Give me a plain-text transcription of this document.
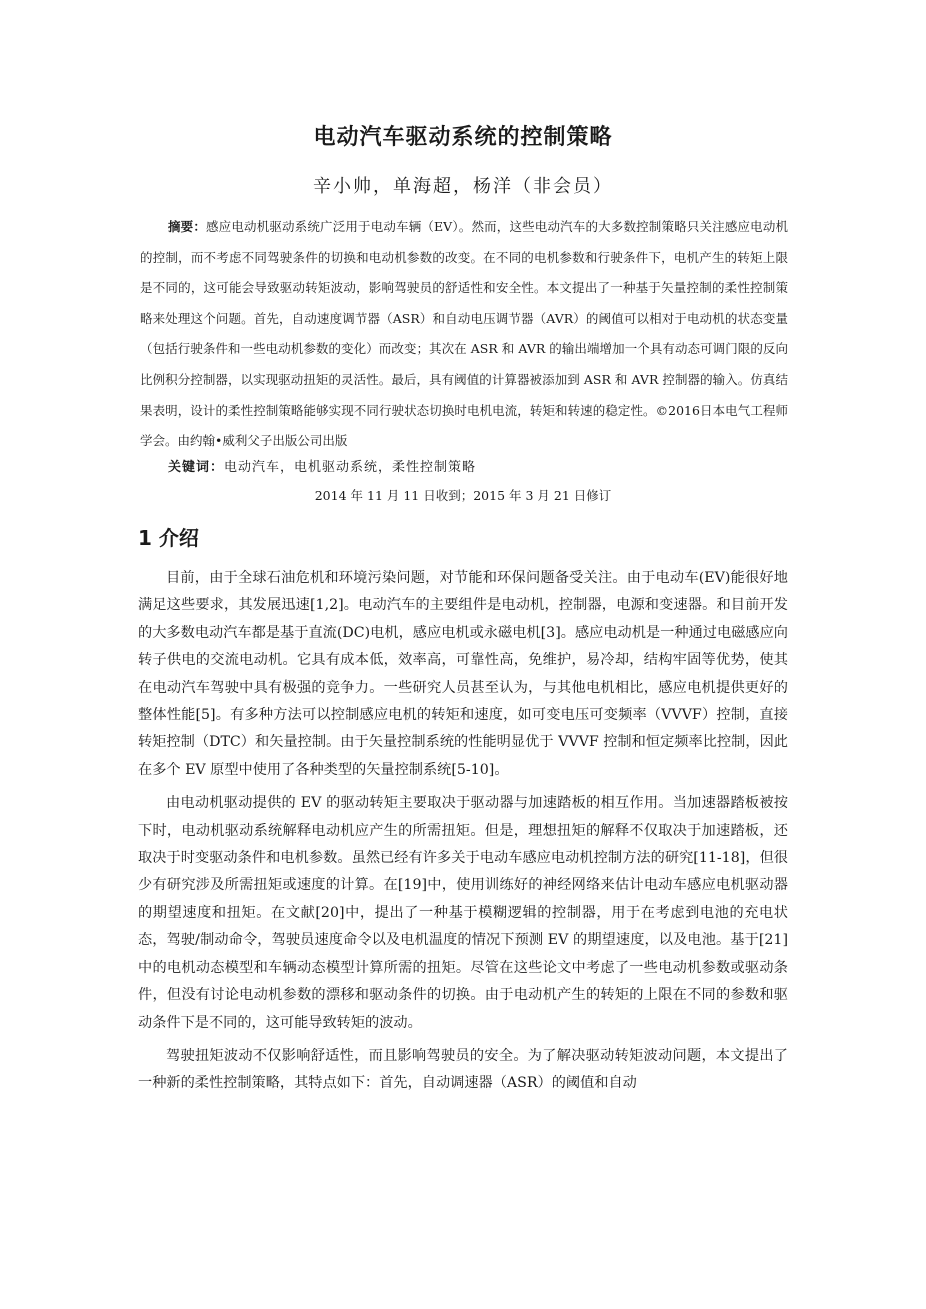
电动汽车驱动系统的控制策略
辛小帅，单海超，杨洋（非会员）
摘要：感应电动机驱动系统广泛用于电动车辆（EV）。然而，这些电动汽车的大多数控制策略只关注感应电动机的控制，而不考虑不同驾驶条件的切换和电动机参数的改变。在不同的电机参数和行驶条件下，电机产生的转矩上限是不同的，这可能会导致驱动转矩波动，影响驾驶员的舒适性和安全性。本文提出了一种基于矢量控制的柔性控制策略来处理这个问题。首先，自动速度调节器（ASR）和自动电压调节器（AVR）的阈值可以相对于电动机的状态变量（包括行驶条件和一些电动机参数的变化）而改变；其次在 ASR 和 AVR 的输出端增加一个具有动态可调门限的反向比例积分控制器，以实现驱动扭矩的灵活性。最后，具有阈值的计算器被添加到 ASR 和 AVR 控制器的输入。仿真结果表明，设计的柔性控制策略能够实现不同行驶状态切换时电机电流，转矩和转速的稳定性。©2016日本电气工程师学会。由约翰•威利父子出版公司出版
关键词：电动汽车，电机驱动系统，柔性控制策略
2014 年 11 月 11 日收到；2015 年 3 月 21 日修订
1 介绍

目前，由于全球石油危机和环境污染问题，对节能和环保问题备受关注。由于电动车(EV)能很好地满足这些要求，其发展迅速[1,2]。电动汽车的主要组件是电动机，控制器，电源和变速器。和目前开发的大多数电动汽车都是基于直流(DC)电机，感应电机或永磁电机[3]。感应电动机是一种通过电磁感应向转子供电的交流电动机。它具有成本低，效率高，可靠性高，免维护，易冷却，结构牢固等优势，使其在电动汽车驾驶中具有极强的竞争力。一些研究人员甚至认为，与其他电机相比，感应电机提供更好的整体性能[5]。有多种方法可以控制感应电机的转矩和速度，如可变电压可变频率（VVVF）控制，直接转矩控制（DTC）和矢量控制。由于矢量控制系统的性能明显优于 VVVF 控制和恒定频率比控制，因此在多个 EV 原型中使用了各种类型的矢量控制系统[5-10]。

由电动机驱动提供的 EV 的驱动转矩主要取决于驱动器与加速踏板的相互作用。当加速器踏板被按下时，电动机驱动系统解释电动机应产生的所需扭矩。但是，理想扭矩的解释不仅取决于加速踏板，还取决于时变驱动条件和电机参数。虽然已经有许多关于电动车感应电动机控制方法的研究[11-18]，但很少有研究涉及所需扭矩或速度的计算。在[19]中，使用训练好的神经网络来估计电动车感应电机驱动器的期望速度和扭矩。在文献[20]中，提出了一种基于模糊逻辑的控制器，用于在考虑到电池的充电状态，驾驶/制动命令，驾驶员速度命令以及电机温度的情况下预测 EV 的期望速度，以及电池。基于[21]中的电机动态模型和车辆动态模型计算所需的扭矩。尽管在这些论文中考虑了一些电动机参数或驱动条件，但没有讨论电动机参数的漂移和驱动条件的切换。由于电动机产生的转矩的上限在不同的参数和驱动条件下是不同的，这可能导致转矩的波动。

驾驶扭矩波动不仅影响舒适性，而且影响驾驶员的安全。为了解决驱动转矩波动问题，本文提出了一种新的柔性控制策略，其特点如下：首先，自动调速器（ASR）的阈值和自动
